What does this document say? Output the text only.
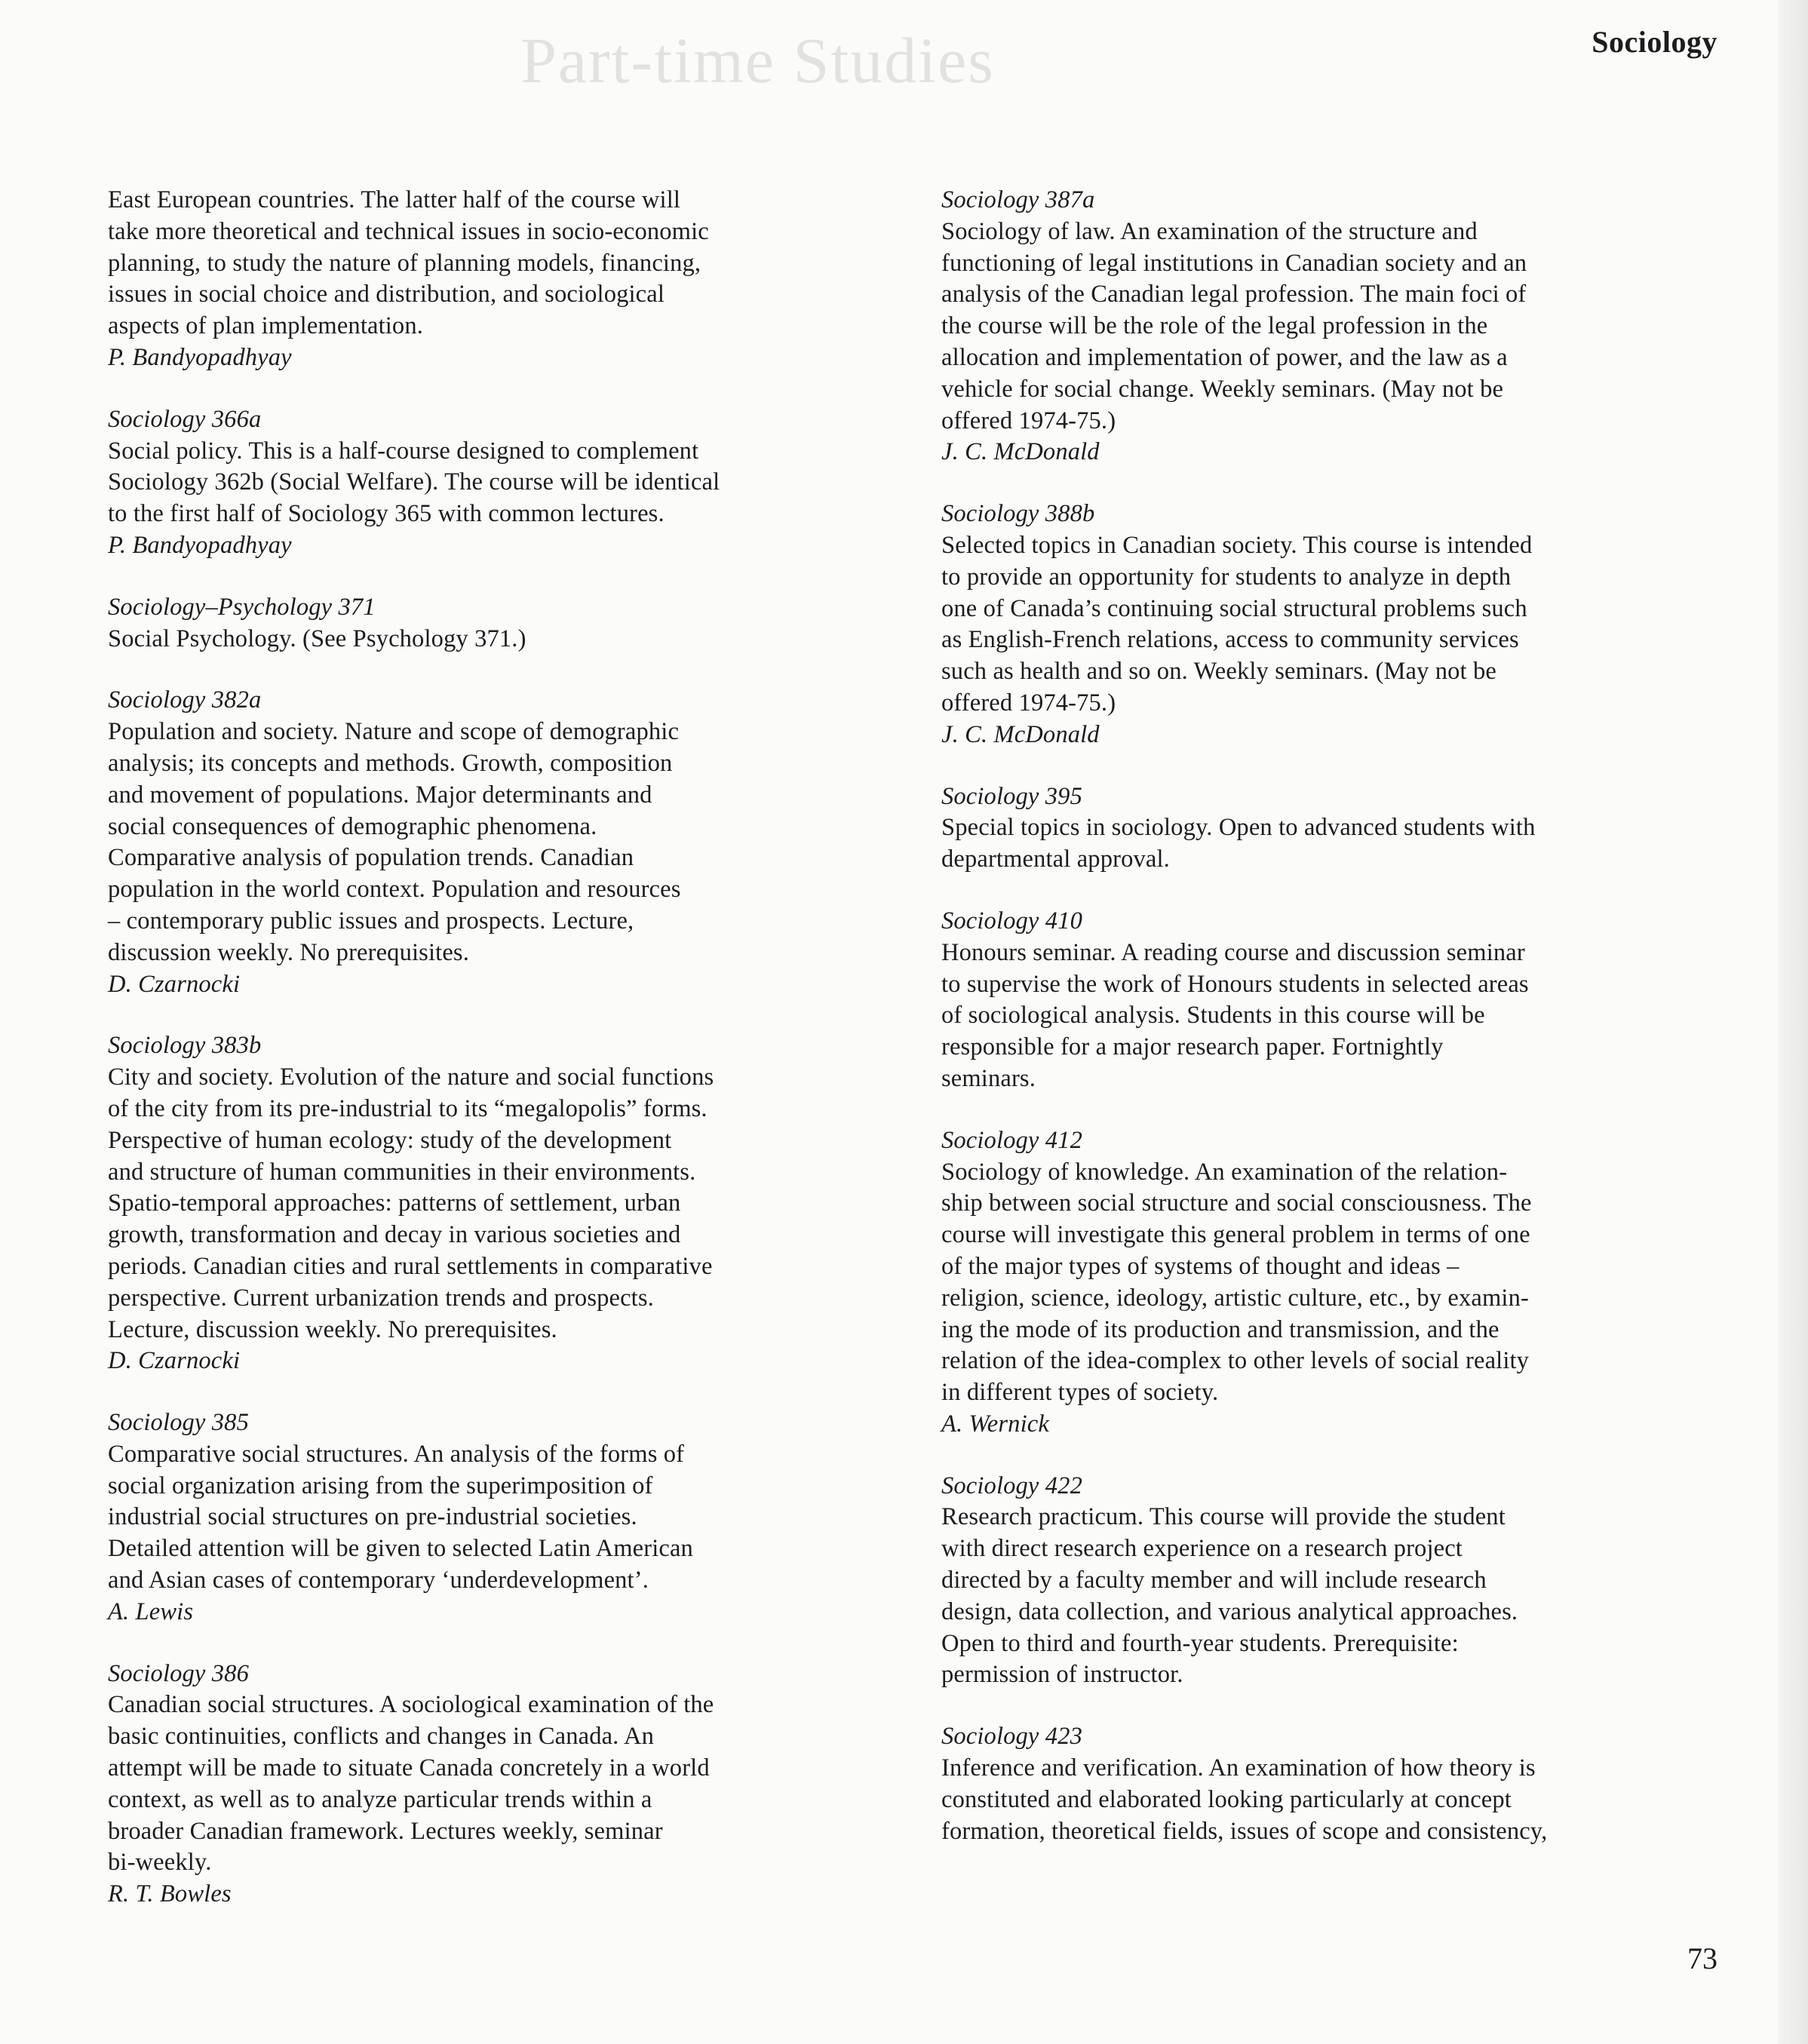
Part-time Studies	Sociology
East European countries. The latter half of the course will
take more theoretical and technical issues in socio-economic
planning, to study the nature of planning models, financing,
issues in social choice and distribution, and sociological
aspects of plan implementation.
P. Bandyopadhyay
Sociology 366a
Social policy. This is a half-course designed to complement
Sociology 362b (Social Welfare). The course will be identical
to the first half of Sociology 365 with common lectures.
P. Bandyopadhyay
Sociology–Psychology 371
Social Psychology. (See Psychology 371.)
Sociology 382a
Population and society. Nature and scope of demographic
analysis; its concepts and methods. Growth, composition
and movement of populations. Major determinants and
social consequences of demographic phenomena.
Comparative analysis of population trends. Canadian
population in the world context. Population and resources
– contemporary public issues and prospects. Lecture,
discussion weekly. No prerequisites.
D. Czarnocki
Sociology 383b
City and society. Evolution of the nature and social functions
of the city from its pre-industrial to its “megalopolis” forms.
Perspective of human ecology: study of the development
and structure of human communities in their environments.
Spatio-temporal approaches: patterns of settlement, urban
growth, transformation and decay in various societies and
periods. Canadian cities and rural settlements in comparative
perspective. Current urbanization trends and prospects.
Lecture, discussion weekly. No prerequisites.
D. Czarnocki
Sociology 385
Comparative social structures. An analysis of the forms of
social organization arising from the superimposition of
industrial social structures on pre-industrial societies.
Detailed attention will be given to selected Latin American
and Asian cases of contemporary ‘underdevelopment’.
A. Lewis
Sociology 386
Canadian social structures. A sociological examination of the
basic continuities, conflicts and changes in Canada. An
attempt will be made to situate Canada concretely in a world
context, as well as to analyze particular trends within a
broader Canadian framework. Lectures weekly, seminar
bi-weekly.
R. T. Bowles
Sociology 387a
Sociology of law. An examination of the structure and
functioning of legal institutions in Canadian society and an
analysis of the Canadian legal profession. The main foci of
the course will be the role of the legal profession in the
allocation and implementation of power, and the law as a
vehicle for social change. Weekly seminars. (May not be
offered 1974-75.)
J. C. McDonald
Sociology 388b
Selected topics in Canadian society. This course is intended
to provide an opportunity for students to analyze in depth
one of Canada’s continuing social structural problems such
as English-French relations, access to community services
such as health and so on. Weekly seminars. (May not be
offered 1974-75.)
J. C. McDonald
Sociology 395
Special topics in sociology. Open to advanced students with
departmental approval.
Sociology 410
Honours seminar. A reading course and discussion seminar
to supervise the work of Honours students in selected areas
of sociological analysis. Students in this course will be
responsible for a major research paper. Fortnightly
seminars.
Sociology 412
Sociology of knowledge. An examination of the relation-
ship between social structure and social consciousness. The
course will investigate this general problem in terms of one
of the major types of systems of thought and ideas –
religion, science, ideology, artistic culture, etc., by examin-
ing the mode of its production and transmission, and the
relation of the idea-complex to other levels of social reality
in different types of society.
A. Wernick
Sociology 422
Research practicum. This course will provide the student
with direct research experience on a research project
directed by a faculty member and will include research
design, data collection, and various analytical approaches.
Open to third and fourth-year students. Prerequisite:
permission of instructor.
Sociology 423
Inference and verification. An examination of how theory is
constituted and elaborated looking particularly at concept
formation, theoretical fields, issues of scope and consistency,
73
